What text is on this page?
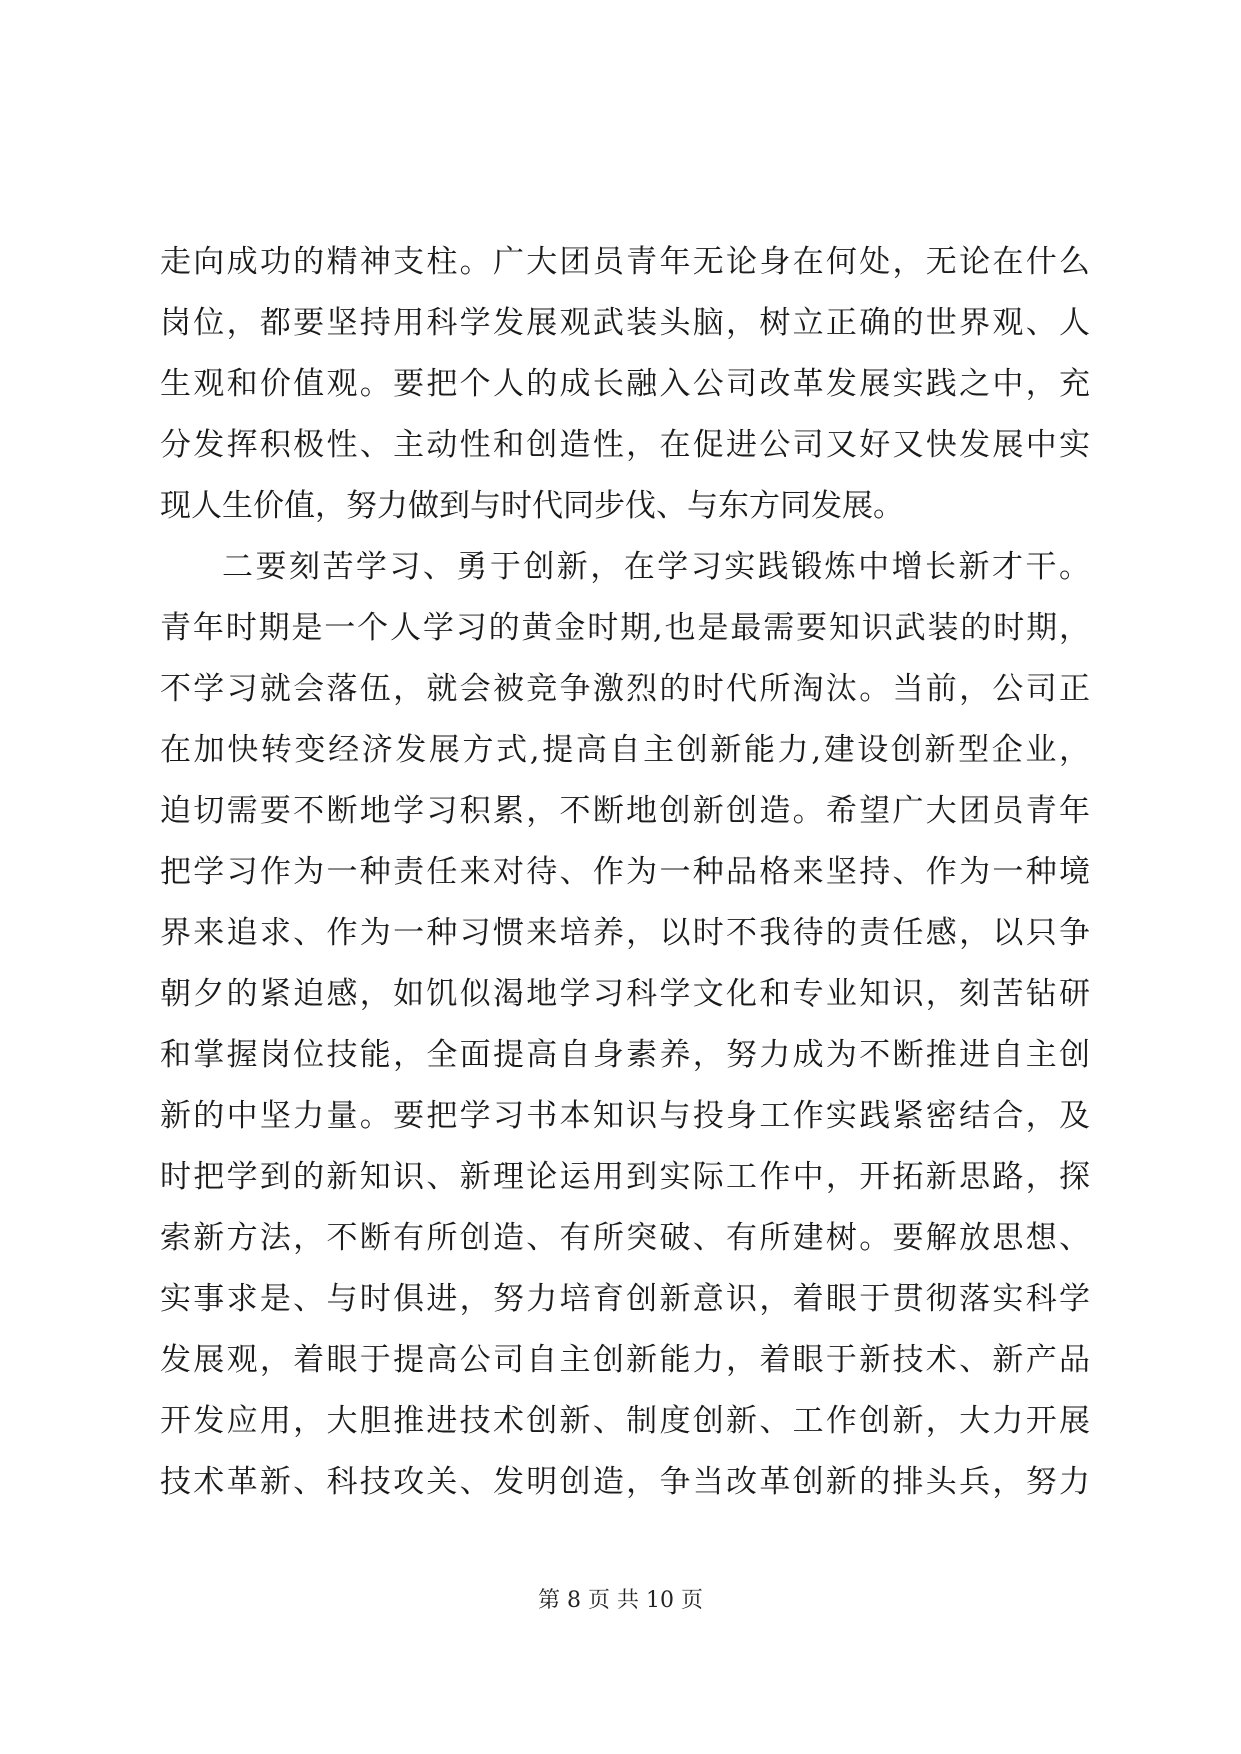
走向成功的精神支柱。广大团员青年无论身在何处，无论在什么
岗位，都要坚持用科学发展观武装头脑，树立正确的世界观、人
生观和价值观。要把个人的成长融入公司改革发展实践之中，充
分发挥积极性、主动性和创造性，在促进公司又好又快发展中实
现人生价值，努力做到与时代同步伐、与东方同发展。
二要刻苦学习、勇于创新，在学习实践锻炼中增长新才干。
青年时期是一个人学习的黄金时期,也是最需要知识武装的时期，
不学习就会落伍，就会被竞争激烈的时代所淘汰。当前，公司正
在加快转变经济发展方式,提高自主创新能力,建设创新型企业，
迫切需要不断地学习积累，不断地创新创造。希望广大团员青年
把学习作为一种责任来对待、作为一种品格来坚持、作为一种境
界来追求、作为一种习惯来培养，以时不我待的责任感，以只争
朝夕的紧迫感，如饥似渴地学习科学文化和专业知识，刻苦钻研
和掌握岗位技能，全面提高自身素养，努力成为不断推进自主创
新的中坚力量。要把学习书本知识与投身工作实践紧密结合，及
时把学到的新知识、新理论运用到实际工作中，开拓新思路，探
索新方法，不断有所创造、有所突破、有所建树。要解放思想、
实事求是、与时俱进，努力培育创新意识，着眼于贯彻落实科学
发展观，着眼于提高公司自主创新能力，着眼于新技术、新产品
开发应用，大胆推进技术创新、制度创新、工作创新，大力开展
技术革新、科技攻关、发明创造，争当改革创新的排头兵，努力
第 8 页 共 10 页
